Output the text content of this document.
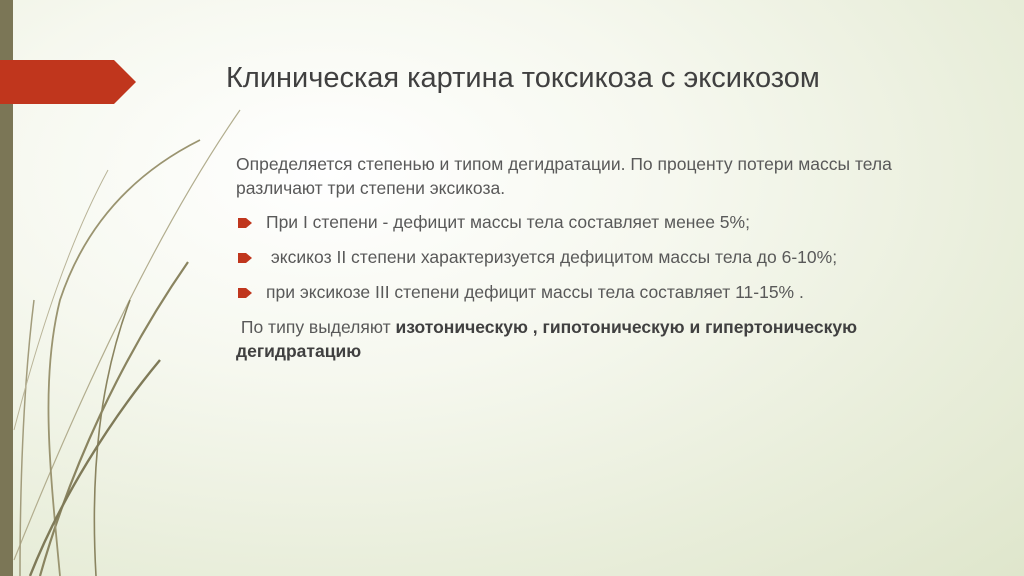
Клиническая картина токсикоза с эксикозом

Определяется степенью и типом дегидратации. По проценту потери массы тела различают три степени эксикоза.

При I степени - дефицит массы тела составляет менее 5%;
эксикоз II степени характеризуется дефицитом массы тела до 6-10%;
при эксикозе III степени дефицит массы тела составляет 11-15% .

По типу выделяют изотоническую , гипотоническую и гипертоническую дегидратацию
